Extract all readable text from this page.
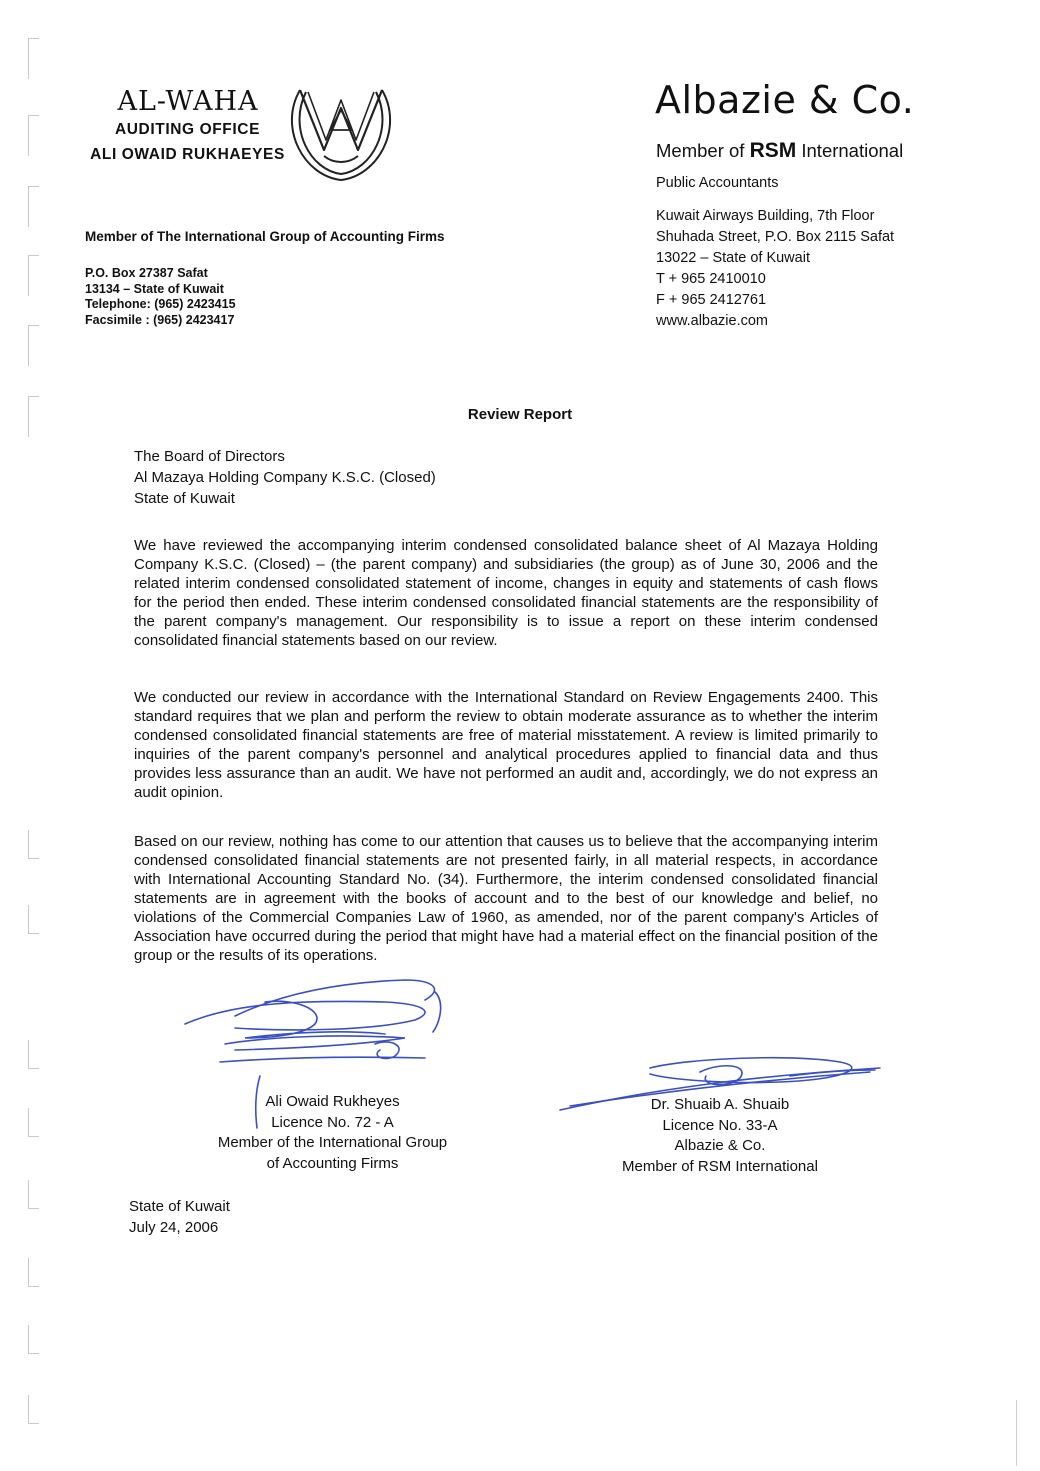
AL-WAHA
AUDITING OFFICE
ALI OWAID RUKHAEYES
Member of The International Group of Accounting Firms
P.O. Box 27387 Safat
13134 – State of Kuwait
Telephone: (965) 2423415
Facsimile : (965) 2423417
Albazie & Co.
Member of RSM International
Public Accountants
Kuwait Airways Building, 7th Floor
Shuhada Street, P.O. Box 2115 Safat
13022 – State of Kuwait
T + 965 2410010
F + 965 2412761
www.albazie.com
Review Report
The Board of Directors
Al Mazaya Holding Company K.S.C. (Closed)
State of Kuwait
We have reviewed the accompanying interim condensed consolidated balance sheet of Al Mazaya Holding Company K.S.C. (Closed) – (the parent company) and subsidiaries (the group) as of June 30, 2006 and the related interim condensed consolidated statement of income, changes in equity and statements of cash flows for the period then ended. These interim condensed consolidated financial statements are the responsibility of the parent company's management. Our responsibility is to issue a report on these interim condensed consolidated financial statements based on our review.
We conducted our review in accordance with the International Standard on Review Engagements 2400. This standard requires that we plan and perform the review to obtain moderate assurance as to whether the interim condensed consolidated financial statements are free of material misstatement. A review is limited primarily to inquiries of the parent company's personnel and analytical procedures applied to financial data and thus provides less assurance than an audit. We have not performed an audit and, accordingly, we do not express an audit opinion.
Based on our review, nothing has come to our attention that causes us to believe that the accompanying interim condensed consolidated financial statements are not presented fairly, in all material respects, in accordance with International Accounting Standard No. (34). Furthermore, the interim condensed consolidated financial statements are in agreement with the books of account and to the best of our knowledge and belief, no violations of the Commercial Companies Law of 1960, as amended, nor of the parent company's Articles of Association have occurred during the period that might have had a material effect on the financial position of the group or the results of its operations.
Ali Owaid Rukheyes
Licence No. 72 - A
Member of the International Group
of Accounting Firms
Dr. Shuaib A. Shuaib
Licence No. 33-A
Albazie & Co.
Member of RSM International
State of Kuwait
July 24, 2006
